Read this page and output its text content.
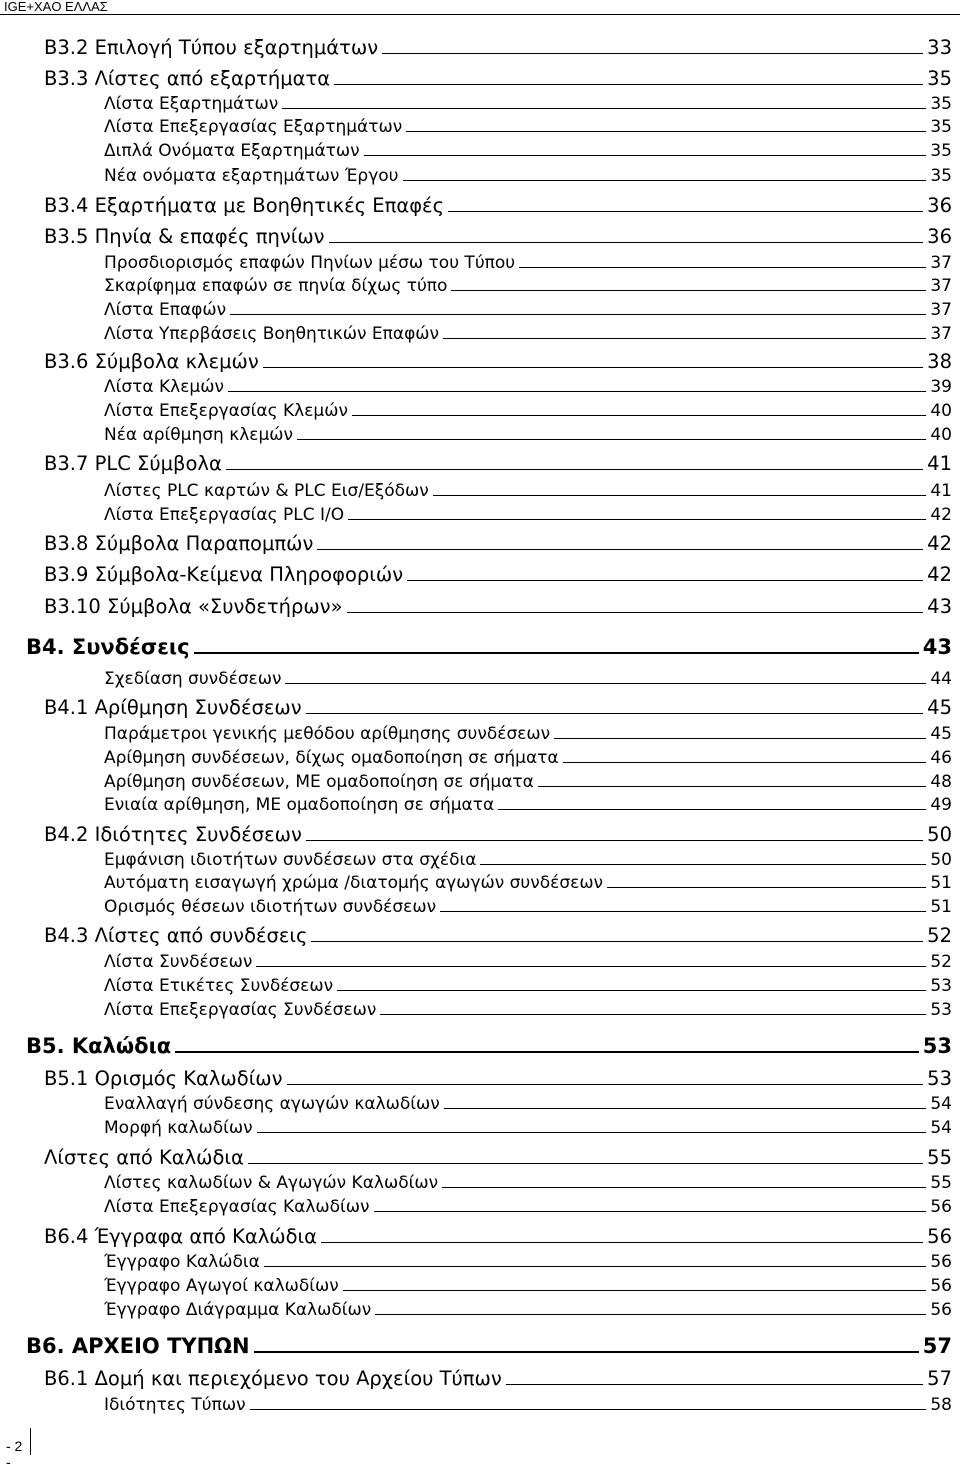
IGE+XAO ΕΛΛΑΣ
B3.2 Επιλογή Τύπου εξαρτημάτων	33
B3.3 Λίστες από εξαρτήματα	35
Λίστα Εξαρτημάτων	35
Λίστα Επεξεργασίας Εξαρτημάτων	35
Διπλά Ονόματα Εξαρτημάτων	35
Νέα ονόματα εξαρτημάτων Έργου	35
B3.4 Εξαρτήματα με Βοηθητικές Επαφές	36
B3.5 Πηνία & επαφές πηνίων	36
Προσδιορισμός επαφών Πηνίων μέσω του Τύπου	37
Σκαρίφημα επαφών σε πηνία δίχως τύπο	37
Λίστα Επαφών	37
Λίστα Υπερβάσεις Βοηθητικών Επαφών	37
B3.6 Σύμβολα κλεμών	38
Λίστα Κλεμών	39
Λίστα Επεξεργασίας Κλεμών	40
Νέα αρίθμηση κλεμών	40
B3.7 PLC Σύμβολα	41
Λίστες PLC καρτών & PLC Εισ/Εξόδων	41
Λίστα Επεξεργασίας PLC I/O	42
B3.8 Σύμβολα Παραπομπών	42
B3.9 Σύμβολα-Κείμενα Πληροφοριών	42
B3.10 Σύμβολα «Συνδετήρων»	43
B4. Συνδέσεις	43
Σχεδίαση συνδέσεων	44
B4.1 Αρίθμηση Συνδέσεων	45
Παράμετροι γενικής μεθόδου αρίθμησης συνδέσεων	45
Αρίθμηση συνδέσεων, δίχως ομαδοποίηση σε σήματα	46
Αρίθμηση συνδέσεων, ΜΕ ομαδοποίηση σε σήματα	48
Ενιαία αρίθμηση, ΜΕ ομαδοποίηση σε σήματα	49
B4.2 Ιδιότητες Συνδέσεων	50
Εμφάνιση ιδιοτήτων συνδέσεων στα σχέδια	50
Αυτόματη εισαγωγή χρώμα /διατομής αγωγών συνδέσεων	51
Ορισμός θέσεων ιδιοτήτων συνδέσεων	51
B4.3 Λίστες από συνδέσεις	52
Λίστα Συνδέσεων	52
Λίστα Ετικέτες Συνδέσεων	53
Λίστα Επεξεργασίας Συνδέσεων	53
B5. Καλώδια	53
B5.1 Ορισμός Καλωδίων	53
Εναλλαγή σύνδεσης αγωγών καλωδίων	54
Μορφή καλωδίων	54
Λίστες από Καλώδια	55
Λίστες καλωδίων & Αγωγών Καλωδίων	55
Λίστα Επεξεργασίας Καλωδίων	56
B6.4 Έγγραφα από Καλώδια	56
Έγγραφο Καλώδια	56
Έγγραφο Αγωγοί καλωδίων	56
Έγγραφο Διάγραμμα Καλωδίων	56
B6. ΑΡΧΕΙΟ ΤΥΠΩΝ	57
B6.1 Δομή και περιεχόμενο του Αρχείου Τύπων	57
Ιδιότητες Τύπων	58
- 2 -
